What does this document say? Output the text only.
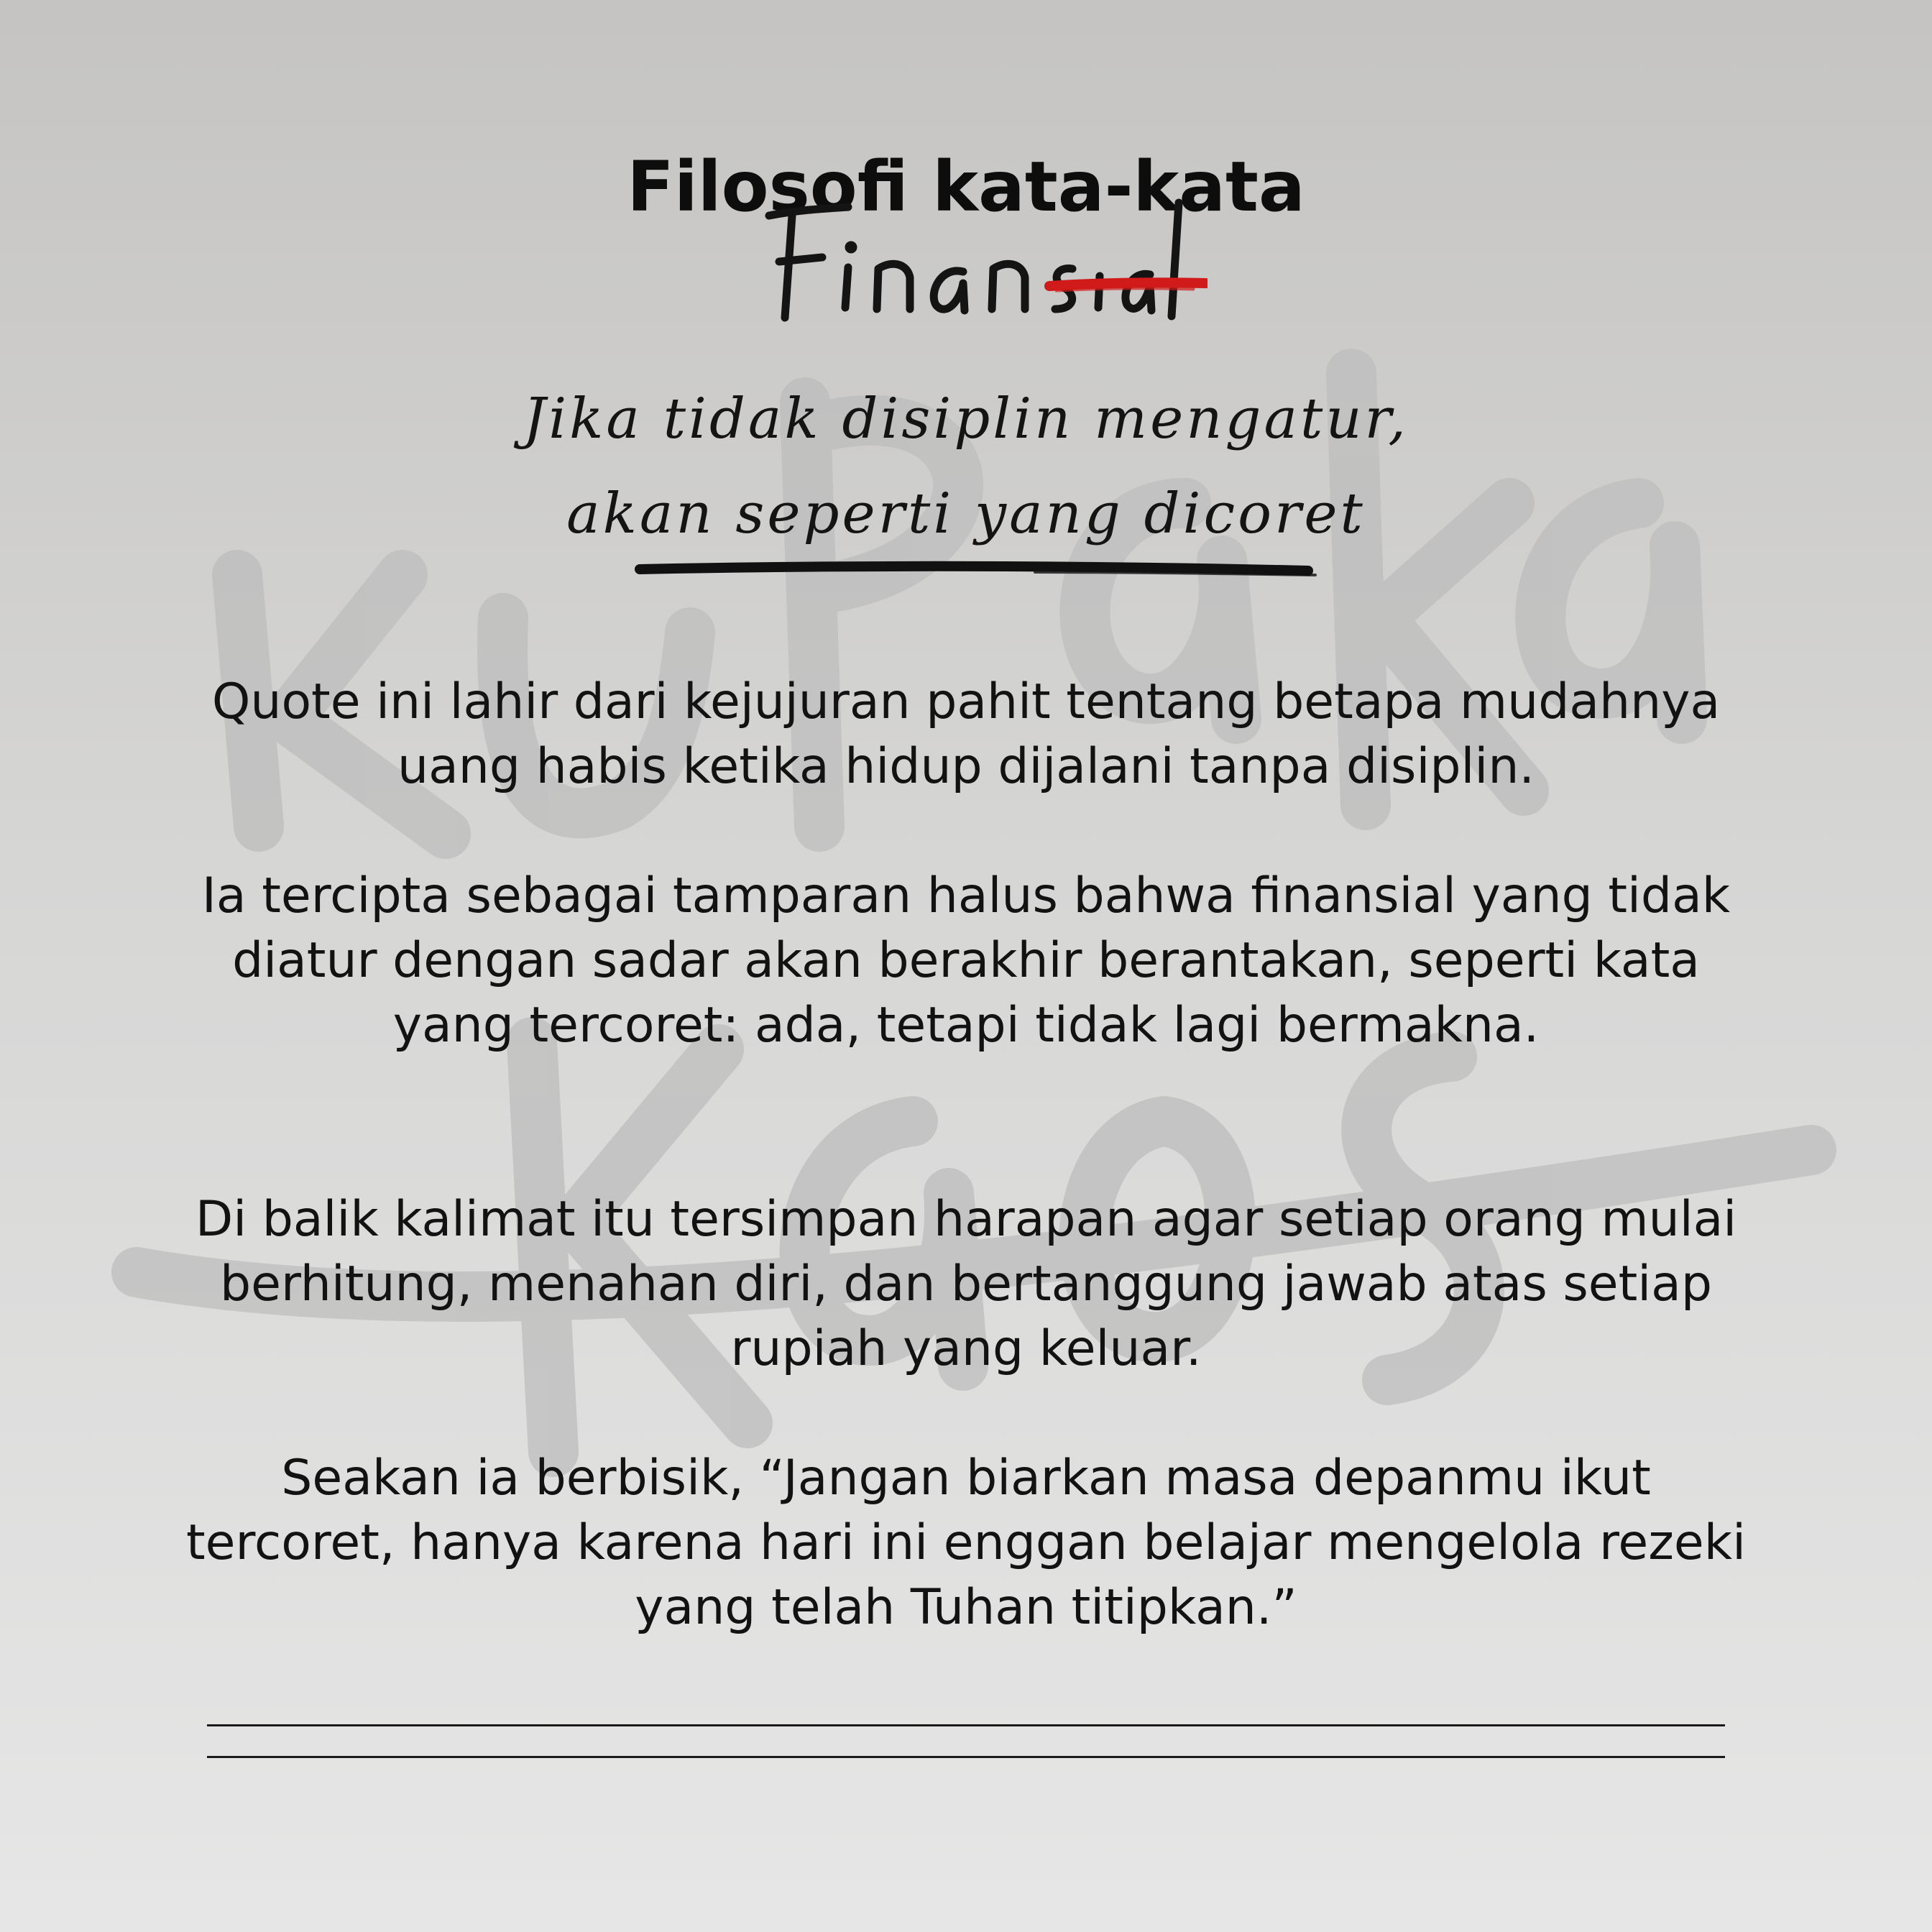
Filosofi kata-kata
Jika tidak disiplin mengatur,
akan seperti yang dicoret

Quote ini lahir dari kejujuran pahit tentang betapa mudahnya uang habis ketika hidup dijalani tanpa disiplin.

Ia tercipta sebagai tamparan halus bahwa finansial yang tidak diatur dengan sadar akan berakhir berantakan, seperti kata yang tercoret: ada, tetapi tidak lagi bermakna.

Di balik kalimat itu tersimpan harapan agar setiap orang mulai berhitung, menahan diri, dan bertanggung jawab atas setiap rupiah yang keluar.

Seakan ia berbisik, “Jangan biarkan masa depanmu ikut tercoret, hanya karena hari ini enggan belajar mengelola rezeki yang telah Tuhan titipkan.”
